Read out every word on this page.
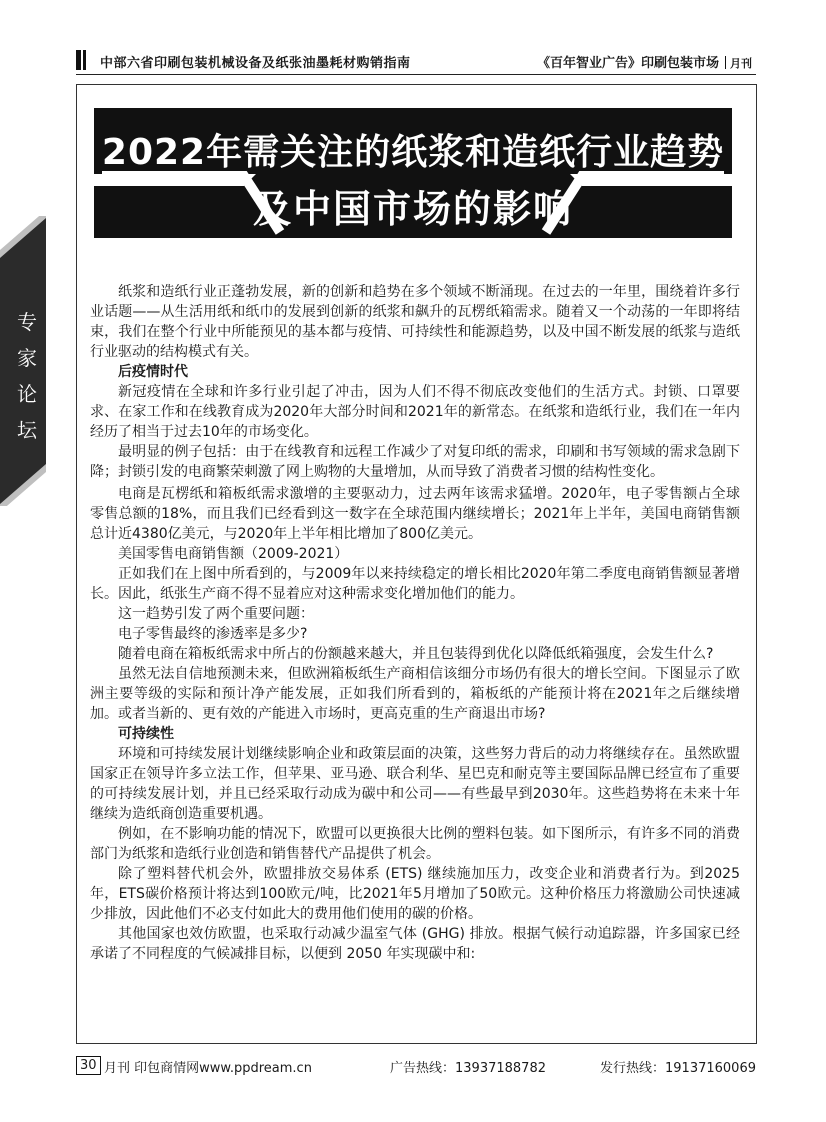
中部六省印刷包装机械设备及纸张油墨耗材购销指南	《百年智业广告》印刷包装市场 月刊
专
家
论
坛
2022年需关注的纸浆和造纸行业趋势
及中国市场的影响

纸浆和造纸行业正蓬勃发展，新的创新和趋势在多个领域不断涌现。在过去的一年里，围绕着许多行业话题——从生活用纸和纸巾的发展到创新的纸浆和飙升的瓦楞纸箱需求。随着又一个动荡的一年即将结束，我们在整个行业中所能预见的基本都与疫情、可持续性和能源趋势，以及中国不断发展的纸浆与造纸行业驱动的结构模式有关。

后疫情时代

新冠疫情在全球和许多行业引起了冲击，因为人们不得不彻底改变他们的生活方式。封锁、口罩要求、在家工作和在线教育成为2020年大部分时间和2021年的新常态。在纸浆和造纸行业，我们在一年内经历了相当于过去10年的市场变化。

最明显的例子包括：由于在线教育和远程工作减少了对复印纸的需求，印刷和书写领域的需求急剧下降；封锁引发的电商繁荣刺激了网上购物的大量增加，从而导致了消费者习惯的结构性变化。

电商是瓦楞纸和箱板纸需求激增的主要驱动力，过去两年该需求猛增。2020年，电子零售额占全球零售总额的18%，而且我们已经看到这一数字在全球范围内继续增长；2021年上半年，美国电商销售额总计近4380亿美元，与2020年上半年相比增加了800亿美元。

美国零售电商销售额（2009-2021）

正如我们在上图中所看到的，与2009年以来持续稳定的增长相比2020年第二季度电商销售额显著增长。因此，纸张生产商不得不显着应对这种需求变化增加他们的能力。

这一趋势引发了两个重要问题：

电子零售最终的渗透率是多少?

随着电商在箱板纸需求中所占的份额越来越大，并且包装得到优化以降低纸箱强度，会发生什么?

虽然无法自信地预测未来，但欧洲箱板纸生产商相信该细分市场仍有很大的增长空间。下图显示了欧洲主要等级的实际和预计净产能发展，正如我们所看到的，箱板纸的产能预计将在2021年之后继续增加。或者当新的、更有效的产能进入市场时，更高克重的生产商退出市场?

可持续性

环境和可持续发展计划继续影响企业和政策层面的决策，这些努力背后的动力将继续存在。虽然欧盟国家正在领导许多立法工作，但苹果、亚马逊、联合利华、星巴克和耐克等主要国际品牌已经宣布了重要的可持续发展计划，并且已经采取行动成为碳中和公司——有些最早到2030年。这些趋势将在未来十年继续为造纸商创造重要机遇。

例如，在不影响功能的情况下，欧盟可以更换很大比例的塑料包装。如下图所示，有许多不同的消费部门为纸浆和造纸行业创造和销售替代产品提供了机会。

除了塑料替代机会外，欧盟排放交易体系 (ETS) 继续施加压力，改变企业和消费者行为。到2025年，ETS碳价格预计将达到100欧元/吨，比2021年5月增加了50欧元。这种价格压力将激励公司快速减少排放，因此他们不必支付如此大的费用他们使用的碳的价格。

其他国家也效仿欧盟，也采取行动减少温室气体 (GHG) 排放。根据气候行动追踪器，许多国家已经承诺了不同程度的气候减排目标，以便到 2050 年实现碳中和:

30 月刊 印包商情网www.ppdream.cn	广告热线：13937188782	发行热线：19137160069
